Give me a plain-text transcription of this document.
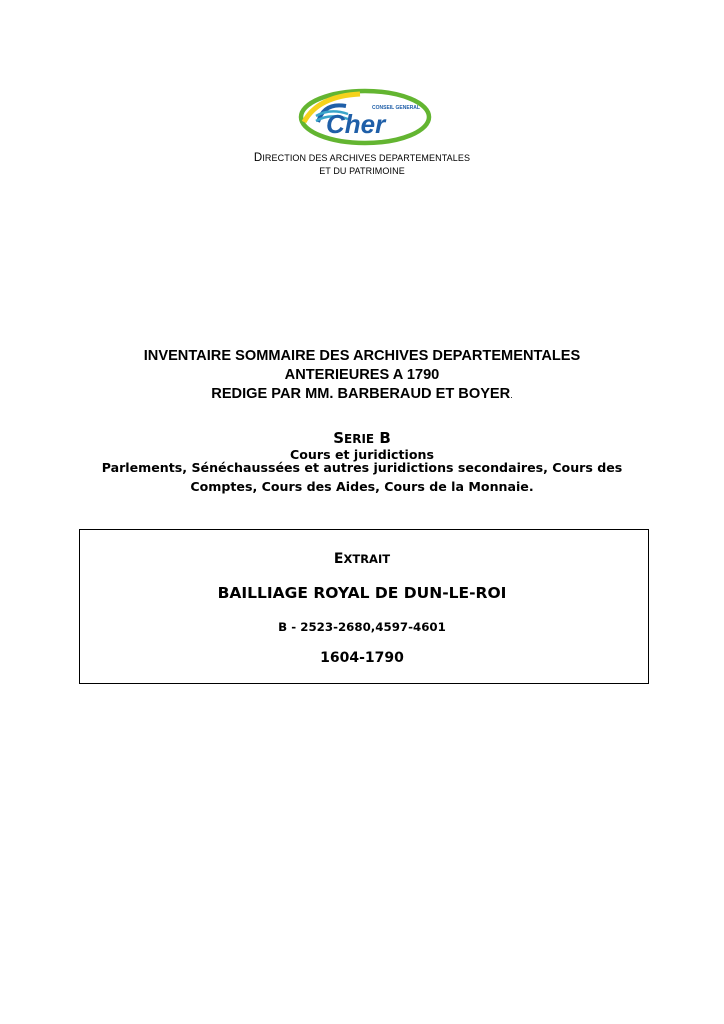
CONSEIL GENERAL
Cher
DIRECTION DES ARCHIVES DEPARTEMENTALES
ET DU PATRIMOINE
INVENTAIRE SOMMAIRE DES ARCHIVES DEPARTEMENTALES
ANTERIEURES A 1790
REDIGE PAR MM. BARBERAUD ET BOYER.
SERIE B
Cours et juridictions
Parlements, Sénéchaussées et autres juridictions secondaires, Cours des
Comptes, Cours des Aides, Cours de la Monnaie.
EXTRAIT
BAILLIAGE ROYAL DE DUN-LE-ROI
B - 2523-2680,4597-4601
1604-1790
